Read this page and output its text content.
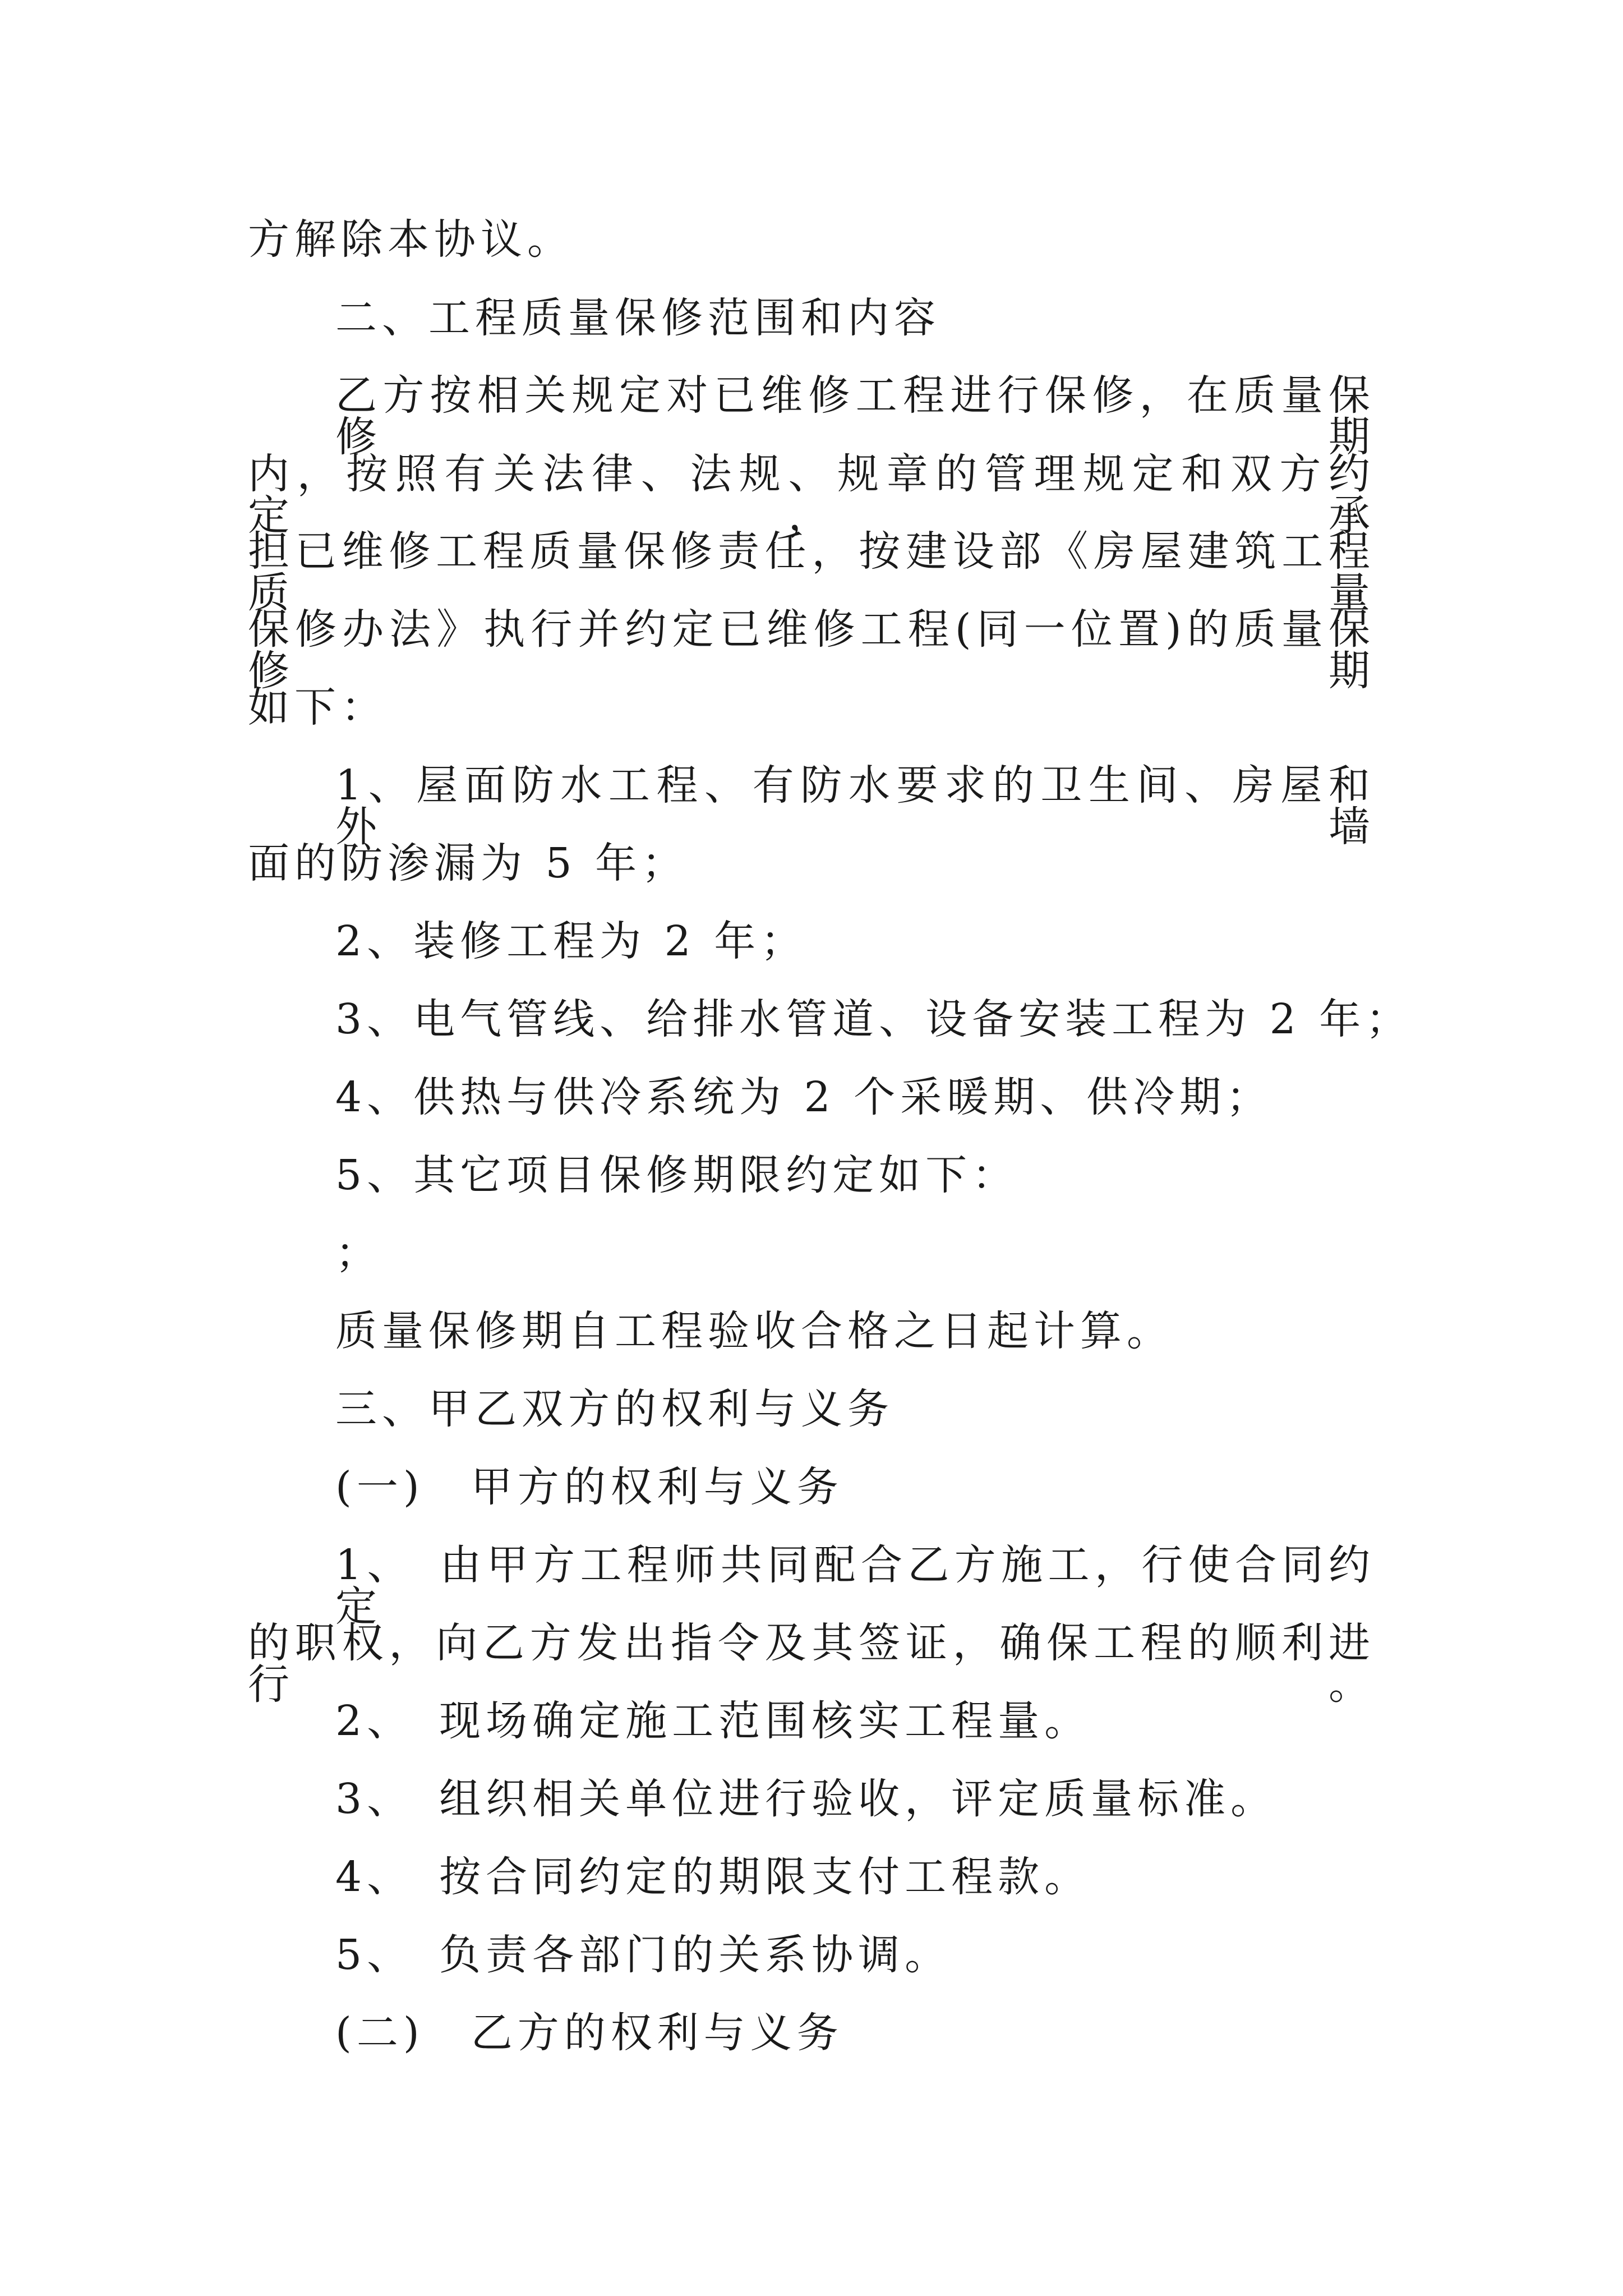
方解除本协议。
二、工程质量保修范围和内容
乙方按相关规定对已维修工程进行保修，在质量保修期
内，按照有关法律、法规、规章的管理规定和双方约定，承
担已维修工程质量保修责任，按建设部《房屋建筑工程质量
保修办法》执行并约定已维修工程(同一位置)的质量保修期
如下：
1、屋面防水工程、有防水要求的卫生间、房屋和外墙
面的防渗漏为 5 年；
2、装修工程为 2 年；
3、电气管线、给排水管道、设备安装工程为 2 年；
4、供热与供冷系统为 2 个采暖期、供冷期；
5、其它项目保修期限约定如下：
；
质量保修期自工程验收合格之日起计算。
三、甲乙双方的权利与义务
(一)　甲方的权利与义务
1、　由甲方工程师共同配合乙方施工，行使合同约定
的职权，向乙方发出指令及其签证，确保工程的顺利进行。
2、　现场确定施工范围核实工程量。
3、　组织相关单位进行验收，评定质量标准。
4、　按合同约定的期限支付工程款。
5、　负责各部门的关系协调。
(二)　乙方的权利与义务
